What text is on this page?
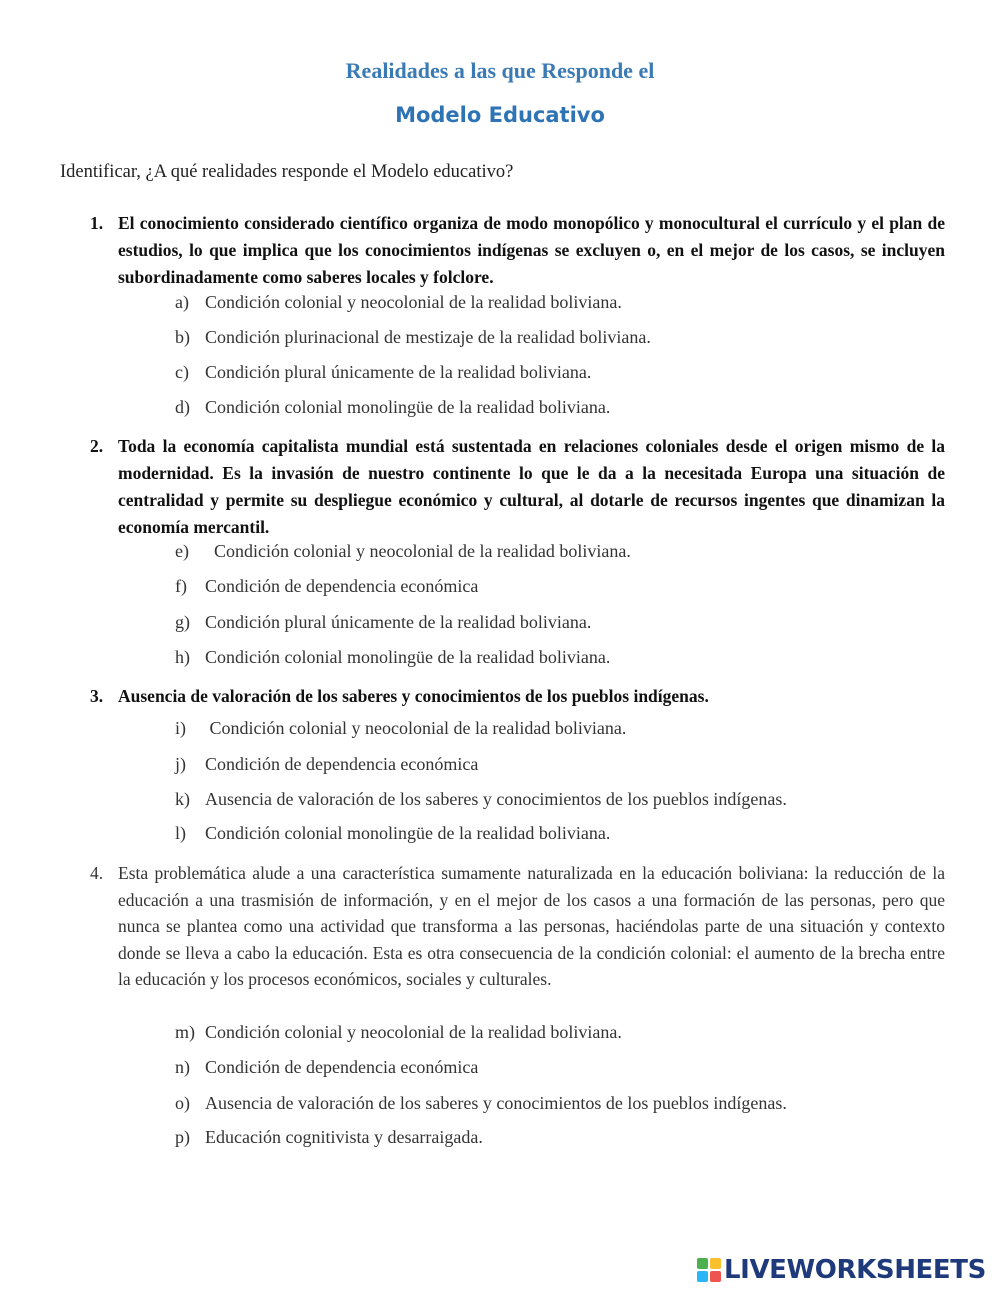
Realidades a las que Responde el
Modelo Educativo
Identificar, ¿A qué realidades responde el Modelo educativo?
1. El conocimiento considerado científico organiza de modo monopólico y monocultural el currículo y el plan de estudios, lo que implica que los conocimientos indígenas se excluyen o, en el mejor de los casos, se incluyen subordinadamente como saberes locales y folclore.
a) Condición colonial y neocolonial de la realidad boliviana.
b) Condición plurinacional de mestizaje de la realidad boliviana.
c) Condición plural únicamente de la realidad boliviana.
d) Condición colonial monolingüe de la realidad boliviana.
2. Toda la economía capitalista mundial está sustentada en relaciones coloniales desde el origen mismo de la modernidad. Es la invasión de nuestro continente lo que le da a la necesitada Europa una situación de centralidad y permite su despliegue económico y cultural, al dotarle de recursos ingentes que dinamizan la economía mercantil.
e)  Condición colonial y neocolonial de la realidad boliviana.
f) Condición de dependencia económica
g) Condición plural únicamente de la realidad boliviana.
h) Condición colonial monolingüe de la realidad boliviana.
3. Ausencia de valoración de los saberes y conocimientos de los pueblos indígenas.
i) Condición colonial y neocolonial de la realidad boliviana.
j) Condición de dependencia económica
k) Ausencia de valoración de los saberes y conocimientos de los pueblos indígenas.
l) Condición colonial monolingüe de la realidad boliviana.
4. Esta problemática alude a una característica sumamente naturalizada en la educación boliviana: la reducción de la educación a una trasmisión de información, y en el mejor de los casos a una formación de las personas, pero que nunca se plantea como una actividad que transforma a las personas, haciéndolas parte de una situación y contexto donde se lleva a cabo la educación. Esta es otra consecuencia de la condición colonial: el aumento de la brecha entre la educación y los procesos económicos, sociales y culturales.
m) Condición colonial y neocolonial de la realidad boliviana.
n) Condición de dependencia económica
o) Ausencia de valoración de los saberes y conocimientos de los pueblos indígenas.
p) Educación cognitivista y desarraigada.
LIVEWORKSHEETS
